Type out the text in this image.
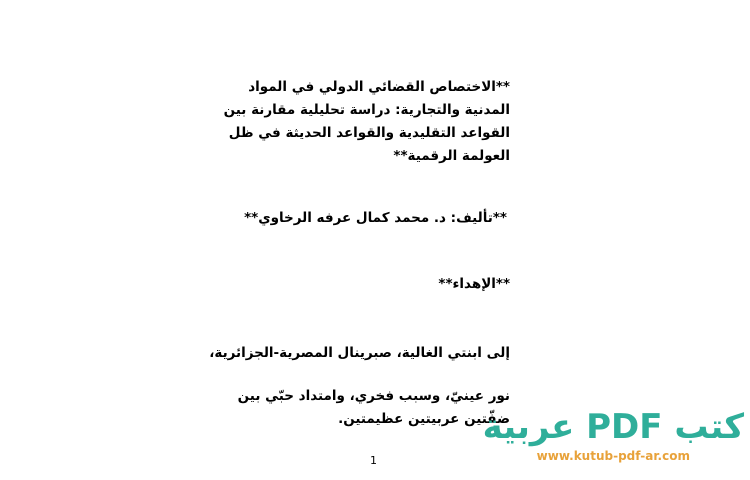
**الاختصاص القضائي الدولي في المواد
المدنية والتجارية: دراسة تحليلية مقارنة بين
القواعد التقليدية والقواعد الحديثة في ظل
العولمة الرقمية**
**تأليف: د. محمد كمال عرفه الرخاوي**
**الإهداء**
إلى ابنتي الغالية، صبرينال المصرية-الجزائرية،
نور عينيّ، وسبب فخري، وامتداد حبّي بين
ضفّتين عربيتين عظيمتين.
1
كتب PDF عربية
www.kutub-pdf-ar.com
